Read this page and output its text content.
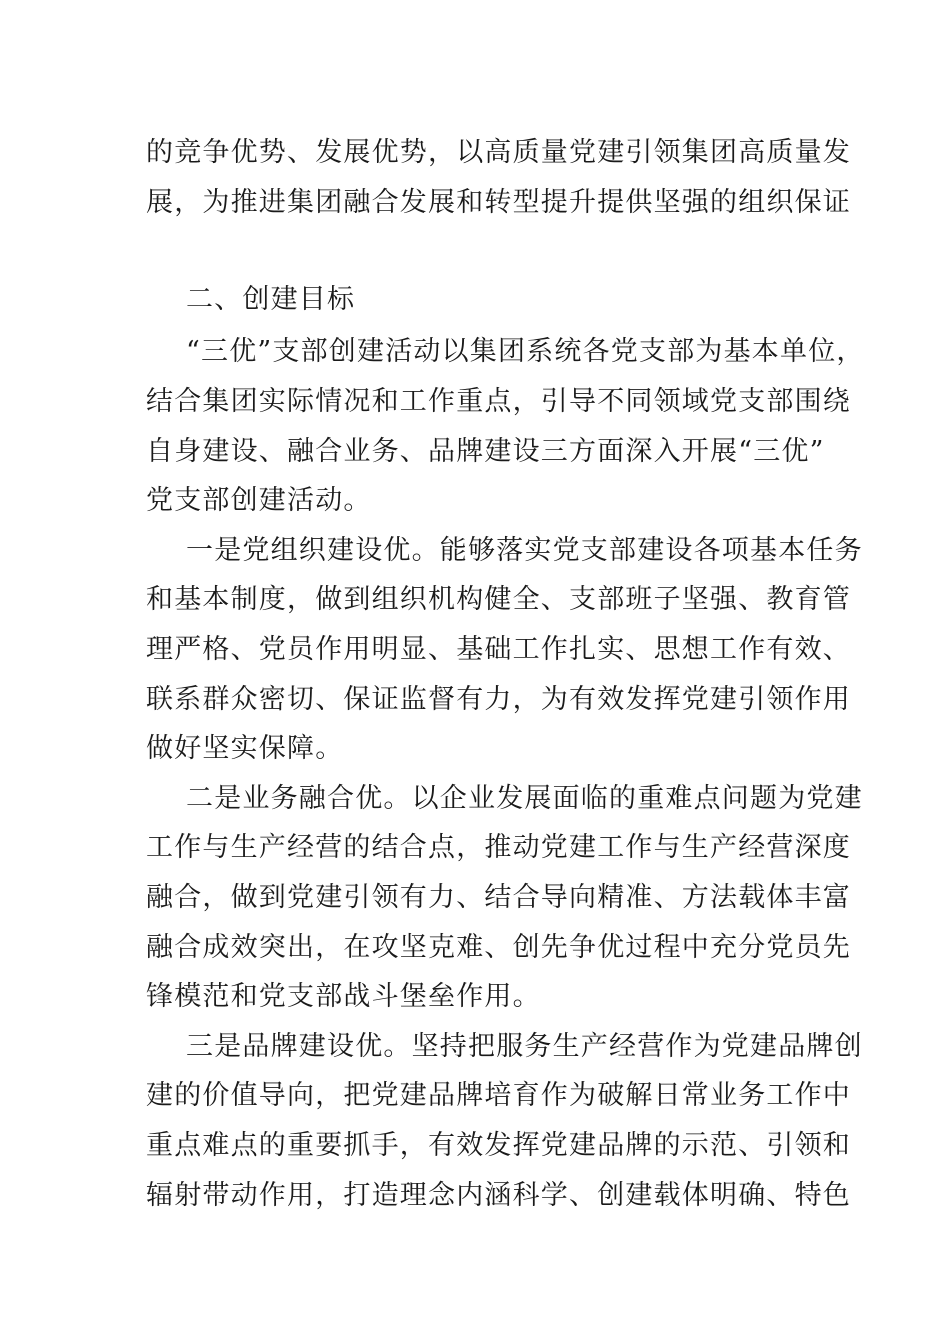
的竞争优势、发展优势，以高质量党建引领集团高质量发
展，为推进集团融合发展和转型提升提供坚强的组织保证
二、创建目标
“三优”支部创建活动以集团系统各党支部为基本单位，
结合集团实际情况和工作重点，引导不同领域党支部围绕
自身建设、融合业务、品牌建设三方面深入开展“三优”
党支部创建活动。
一是党组织建设优。能够落实党支部建设各项基本任务
和基本制度，做到组织机构健全、支部班子坚强、教育管
理严格、党员作用明显、基础工作扎实、思想工作有效、
联系群众密切、保证监督有力，为有效发挥党建引领作用
做好坚实保障。
二是业务融合优。以企业发展面临的重难点问题为党建
工作与生产经营的结合点，推动党建工作与生产经营深度
融合，做到党建引领有力、结合导向精准、方法载体丰富
融合成效突出，在攻坚克难、创先争优过程中充分党员先
锋模范和党支部战斗堡垒作用。
三是品牌建设优。坚持把服务生产经营作为党建品牌创
建的价值导向，把党建品牌培育作为破解日常业务工作中
重点难点的重要抓手，有效发挥党建品牌的示范、引领和
辐射带动作用，打造理念内涵科学、创建载体明确、特色
